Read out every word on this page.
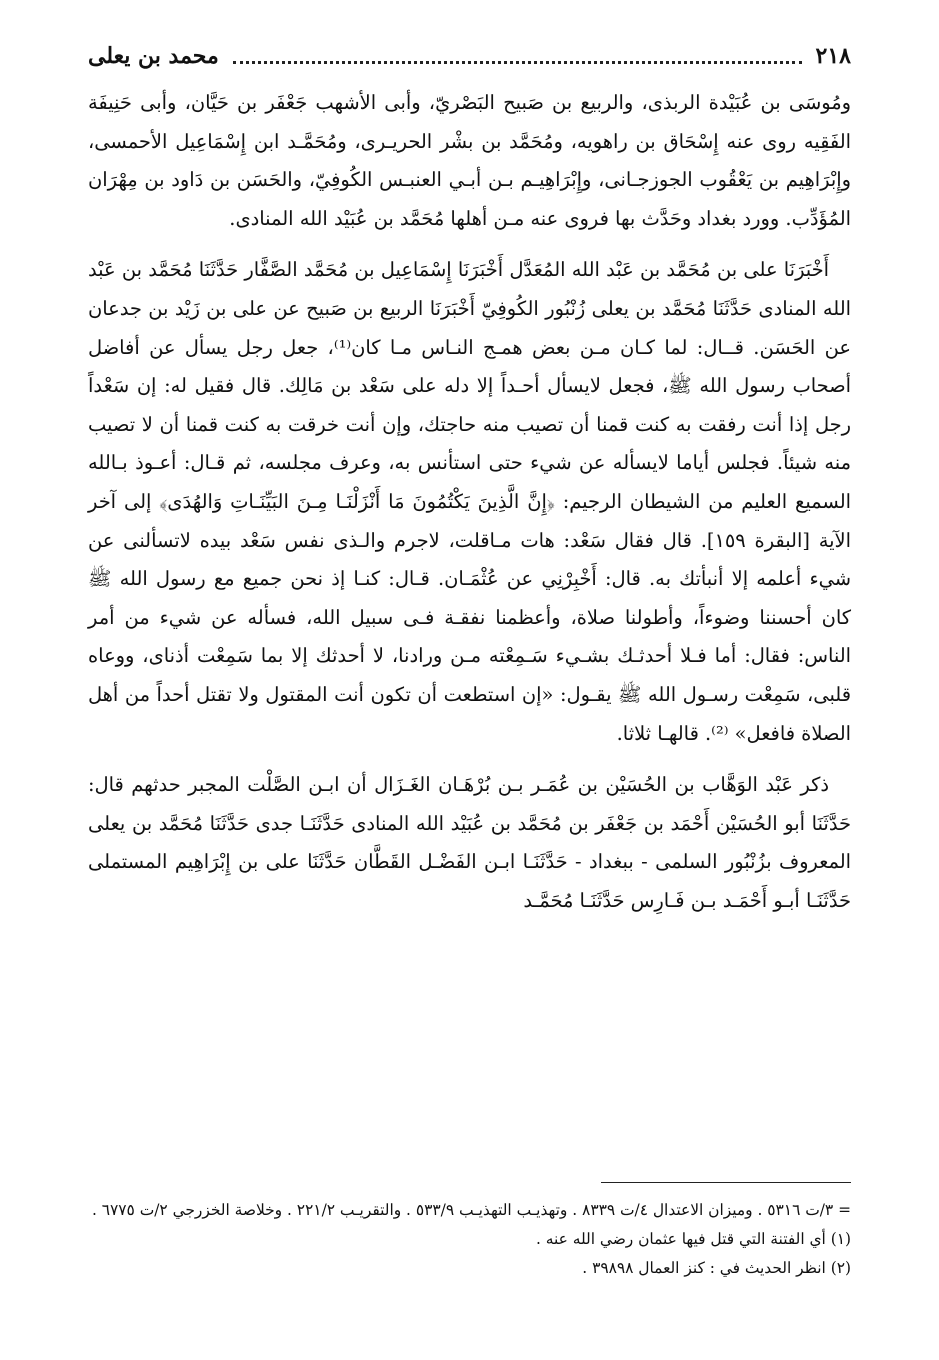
٢١٨
محمد بن يعلى

ومُوسَى بن عُبَيْدة الربذى، والربيع بن صَبيح البَصْريّ، وأبى الأشهب جَعْفَر بن حَيَّان، وأبى حَنِيفَة الفَقِيه روى عنه إِسْحَاق بن راهويه، ومُحَمَّد بن بشْر الحريـرى، ومُحَمَّـد ابن إِسْمَاعِيل الأحمسى، وإِبْرَاهِيم بن يَعْقُوب الجوزجـانى، وإِبْرَاهِيـم بـن أبـي العنبـس الكُوفِيّ، والحَسَن بن دَاود بن مِهْرَان المُؤَدِّب. وورد بغداد وحَدَّث بها فروى عنه مـن أهلها مُحَمَّد بن عُبَيْد الله المنادى.

أَخْبَرَنَا على بن مُحَمَّد بن عَبْد الله المُعَدَّل أَخْبَرَنَا إِسْمَاعِيل بن مُحَمَّد الصَّفَّار حَدَّثَنَا مُحَمَّد بن عَبْد الله المنادى حَدَّثَنَا مُحَمَّد بن يعلى زُنْبُور الكُوفِيّ أَخْبَرَنَا الربيع بن صَبيح عن على بن زَيْد بن جدعان عن الحَسَن. قــال: لما كـان مـن بعض همـج النـاس مـا كان⁽¹⁾، جعل رجل يسأل عن أفاضل أصحاب رسول الله ﷺ، فجعل لايسأل أحـداً إلا دله على سَعْد بن مَالِك. قال فقيل له: إن سَعْداً رجل إذا أنت رفقت به كنت قمنا أن تصيب منه حاجتك، وإن أنت خرقت به كنت قمنا أن لا تصيب منه شيئاً. فجلس أياما لايسأله عن شيء حتى استأنس به، وعرف مجلسه، ثم قـال: أعـوذ بـالله السميع العليم من الشيطان الرجيم: ﴿إِنَّ الَّذِينَ يَكْتُمُونَ مَا أَنْزَلْنَـا مِـنَ البَيِّنَـاتِ وَالهُدَى﴾ إلى آخر الآية [البقرة ١٥٩]. قال فقال سَعْد: هات مـاقلت، لاجرم والـذى نفس سَعْد بيده لاتسألنى عن شيء أعلمه إلا أنبأتك به. قال: أَخْبِرْنِي عن عُثْمَـان. قـال: كنـا إذ نحن جميع مع رسول الله ﷺ كان أحسننا وضوءاً، وأطولنا صلاة، وأعظمنا نفقـة فـى سبيل الله، فسأله عن شيء من أمر الناس: فقال: أما فـلا أحدثـك بشـيء سَـمِعْته مـن ورادنا، لا أحدثك إلا بما سَمِعْت أذناى، ووعاه قلبى، سَمِعْت رسـول الله ﷺ يقـول: «إن استطعت أن تكون أنت المقتول ولا تقتل أحداً من أهل الصلاة فافعل» ⁽²⁾. قالهـا ثلاثا.

ذكر عَبْد الوَهَّاب بن الحُسَيْن بن عُمَـر بـن بُرْهَـان الغَـزَال أن ابـن الصَّلْت المجبر حدثهم قال: حَدَّثَنَا أبو الحُسَيْن أَحْمَد بن جَعْفَر بن مُحَمَّد بن عُبَيْد الله المنادى حَدَّثَنَـا جدى حَدَّثَنَا مُحَمَّد بن يعلى المعروف بزُنْبُور السلمى - ببغداد - حَدَّثَنَـا ابـن الفَضْـل القَطَّان حَدَّثَنَا على بن إِبْرَاهِيم المستملى حَدَّثَنَـا أبـو أَحْمَـد بـن فَـارِس حَدَّثَنَـا مُحَمَّـد

= ٣/ت ٥٣١٦ . وميزان الاعتدال ٤/ت ٨٣٣٩ . وتهذيـب التهذيـب ٥٣٣/٩ . والتقريـب ٢٢١/٢ . وخلاصة الخزرجي ٢/ت ٦٧٧٥ .

(١) أي الفتنة التي قتل فيها عثمان رضي الله عنه .

(٢) انظر الحديث في : كنز العمال ٣٩٨٩٨ .
